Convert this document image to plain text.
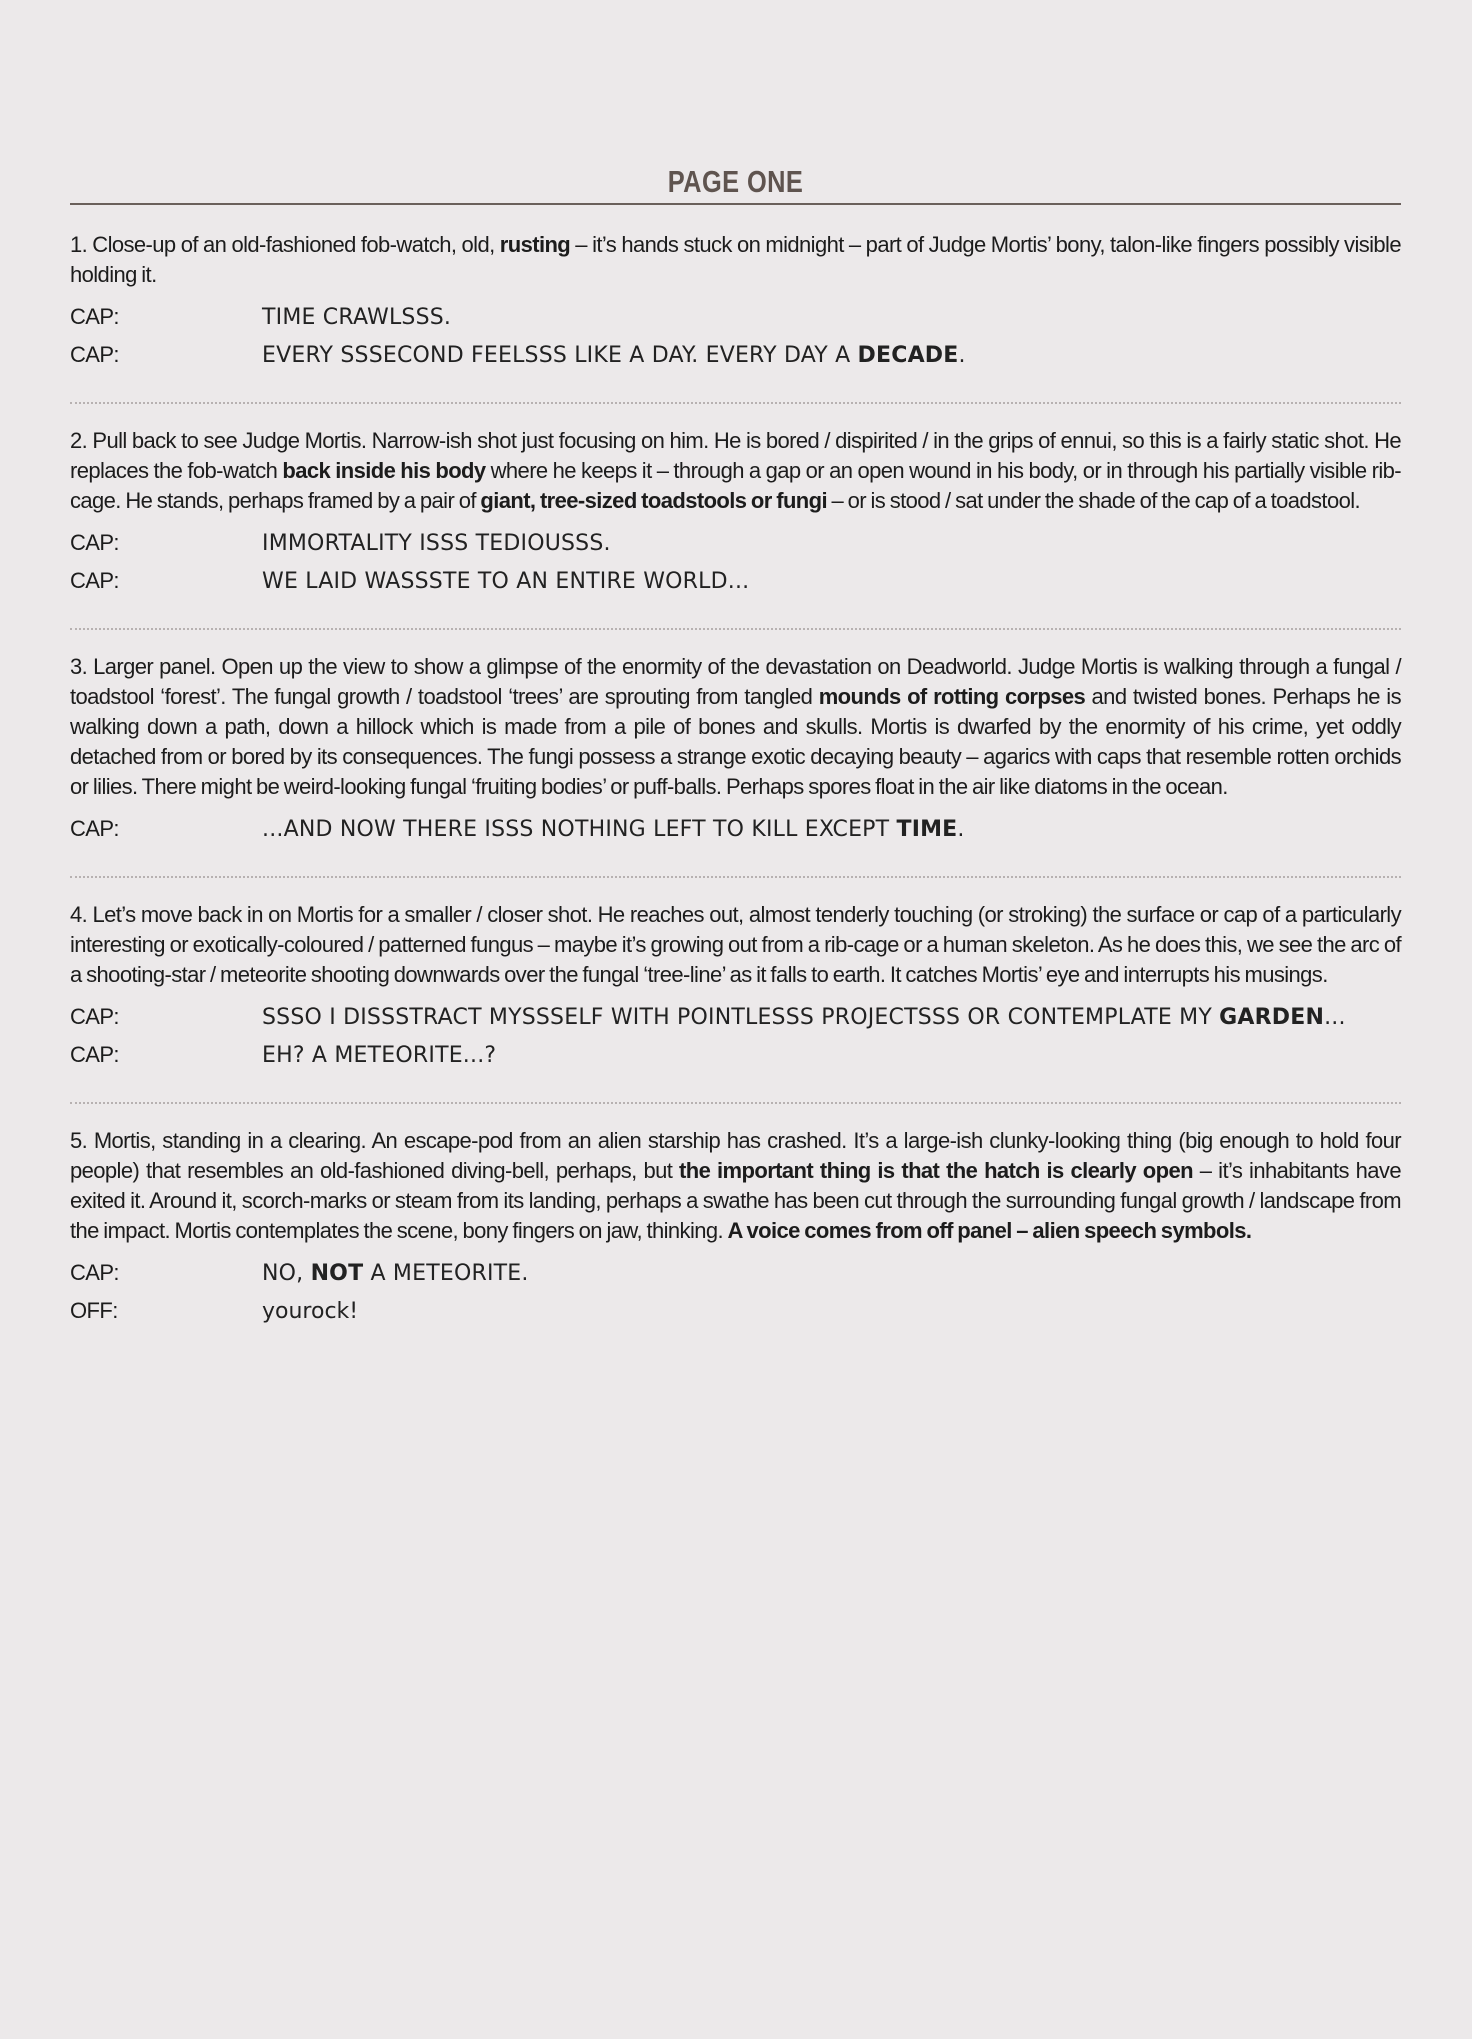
PAGE ONE

1. Close-up of an old-fashioned fob-watch, old, rusting – it’s hands stuck on midnight – part of Judge Mortis’ bony, talon-like fingers possibly visible holding it.

CAP:	TIME CRAWLSSS.
CAP:	EVERY SSSECOND FEELSSS LIKE A DAY. EVERY DAY A DECADE.

2. Pull back to see Judge Mortis. Narrow-ish shot just focusing on him. He is bored / dispirited / in the grips of ennui, so this is a fairly static shot. He replaces the fob-watch back inside his body where he keeps it – through a gap or an open wound in his body, or in through his partially visible rib-cage. He stands, perhaps framed by a pair of giant, tree-sized toadstools or fungi – or is stood / sat under the shade of the cap of a toadstool.

CAP:	IMMORTALITY ISSS TEDIOUSSS.
CAP:	WE LAID WASSSTE TO AN ENTIRE WORLD...

3. Larger panel. Open up the view to show a glimpse of the enormity of the devastation on Deadworld. Judge Mortis is walking through a fungal / toadstool ‘forest’. The fungal growth / toadstool ‘trees’ are sprouting from tangled mounds of rotting corpses and twisted bones. Perhaps he is walking down a path, down a hillock which is made from a pile of bones and skulls. Mortis is dwarfed by the enormity of his crime, yet oddly detached from or bored by its consequences. The fungi possess a strange exotic decaying beauty – agarics with caps that resemble rotten orchids or lilies. There might be weird-looking fungal ‘fruiting bodies’ or puff-balls. Perhaps spores float in the air like diatoms in the ocean.

CAP:	...AND NOW THERE ISSS NOTHING LEFT TO KILL EXCEPT TIME.

4. Let’s move back in on Mortis for a smaller / closer shot. He reaches out, almost tenderly touching (or stroking) the surface or cap of a particularly interesting or exotically-coloured / patterned fungus – maybe it’s growing out from a rib-cage or a human skeleton. As he does this, we see the arc of a shooting-star / meteorite shooting downwards over the fungal ‘tree-line’ as it falls to earth. It catches Mortis’ eye and interrupts his musings.

CAP:	SSSO I DISSSTRACT MYSSSELF WITH POINTLESSS PROJECTSSS OR CONTEMPLATE MY GARDEN...
CAP:	EH? A METEORITE...?

5. Mortis, standing in a clearing. An escape-pod from an alien starship has crashed. It’s a large-ish clunky-looking thing (big enough to hold four people) that resembles an old-fashioned diving-bell, perhaps, but the important thing is that the hatch is clearly open – it’s inhabitants have exited it. Around it, scorch-marks or steam from its landing, perhaps a swathe has been cut through the surrounding fungal growth / landscape from the impact. Mortis contemplates the scene, bony fingers on jaw, thinking. A voice comes from off panel – alien speech symbols.

CAP:	NO, NOT A METEORITE.
OFF:	yourock!
